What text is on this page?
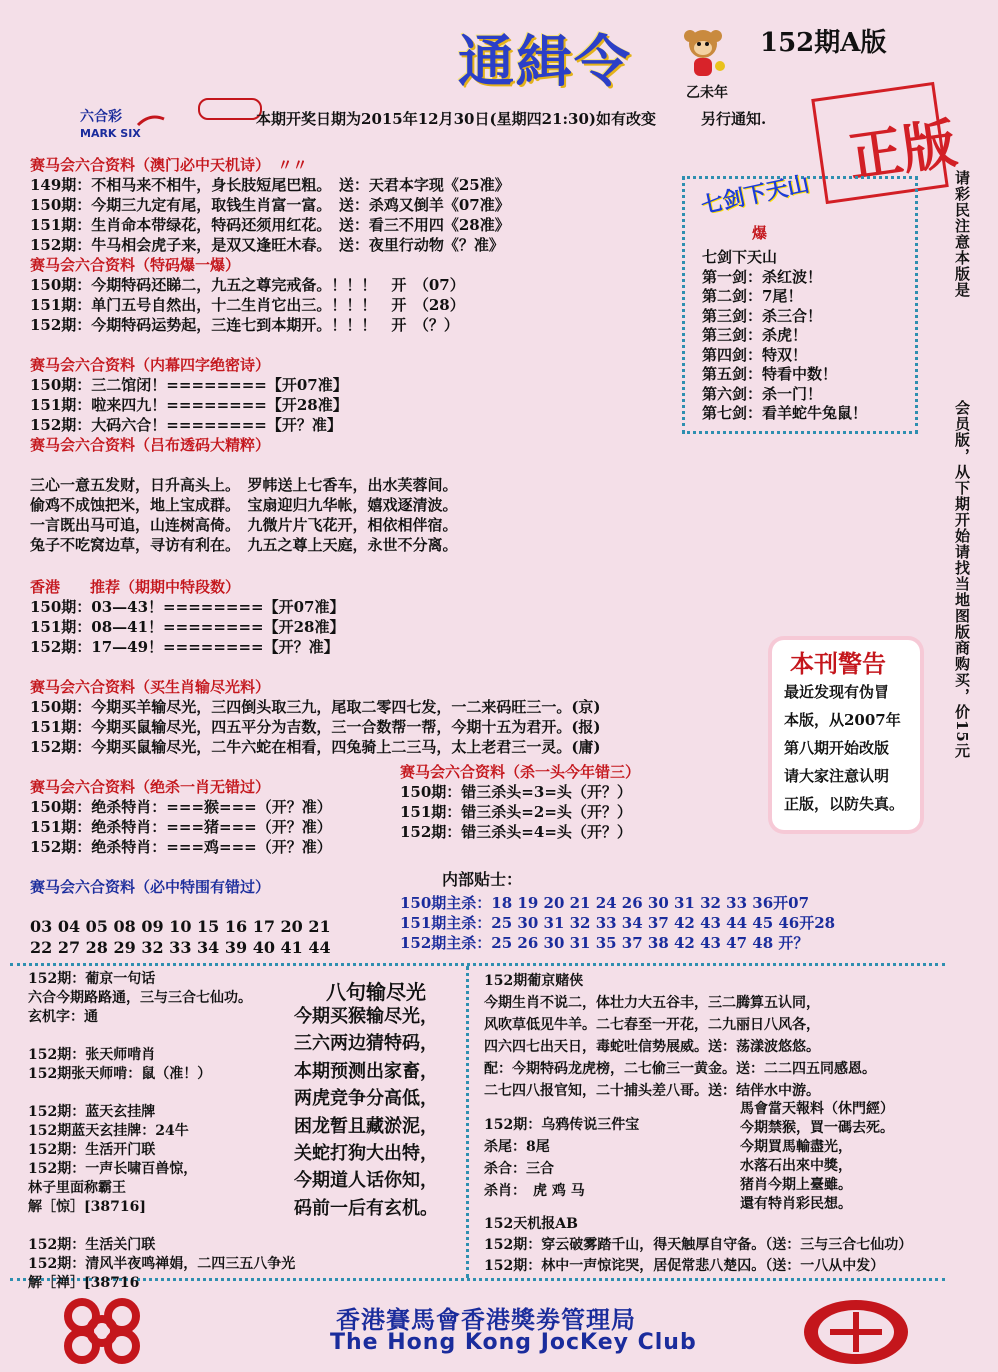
通緝令	乙未年
152期A版
六合彩
MARK SIX
本期开奖日期为2015年12月30日(星期四21:30)如有改变　　　另行通知. 正版
请彩民注意本版是
会员版，从下期开始请找当地图版商购买，价15元
赛马会六合资料（澳门必中天机诗）　〃〃
149期：不相马来不相牛，身长肢短尾巴粗。　送：天君本字现《25准》
150期：今期三九定有尾，取钱生肖富一富。　送：杀鸡又倒羊《07准》
151期：生肖命本带绿花，特码还须用红花。　送：看三不用四《28准》
152期：牛马相会虎子来，是双又逢旺木春。　送：夜里行动物《？准》
赛马会六合资料（特码爆一爆）
150期：今期特码还睇二，九五之尊完戒备。！！！　开　（07）
151期：单门五号自然出，十二生肖它出三。！！！　开　（28）
152期：今期特码运势起，三连七到本期开。！！！　开　（？）
赛马会六合资料（内幕四字绝密诗）
150期：三二馆闭！========【开07准】
151期：啦来四九！========【开28准】
152期：大码六合！========【开？准】
赛马会六合资料（吕布透码大精粹）
三心一意五发财，日升高头上。　罗帏送上七香车，出水芙蓉间。
偷鸡不成蚀把米，地上宝成群。　宝扇迎归九华帐，嬉戏逐清波。
一言既出马可追，山连树高倚。　九微片片飞花开，相依相伴宿。
兔子不吃窝边草，寻访有利在。　九五之尊上天庭，永世不分离。
香港　　推荐（期期中特段数）
150期：03—43！========【开07准】
151期：08—41！========【开28准】
152期：17—49！========【开？准】
赛马会六合资料（买生肖输尽光料）
150期：今期买羊输尽光，三四倒头取三九，尾取二零四七发，一二来码旺三一。(京)
151期：今期买鼠输尽光，四五平分为吉数，三一合数帮一帮，今期十五为君开。(报)
152期：今期买鼠输尽光，二牛六蛇在相看，四兔骑上二三马，太上老君三一灵。(庸)
赛马会六合资料（绝杀一肖无错过）
150期：绝杀特肖：===猴===（开？准）
151期：绝杀特肖：===猪===（开？准）
152期：绝杀特肖：===鸡===（开？准）
赛马会六合资料（杀一头今年错三）
150期：错三杀头=3=头（开？）
151期：错三杀头=2=头（开？）
152期：错三杀头=4=头（开？）
赛马会六合资料（必中特围有错过）
03 04 05 08 09 10 15 16 17 20 21
22 27 28 29 32 33 34 39 40 41 44
内部贴士：
150期主杀：18 19 20 21 24 26 30 31 32 33 36开07
151期主杀：25 30 31 32 33 34 37 42 43 44 45 46开28
152期主杀：25 26 30 31 35 37 38 42 43 47 48 开？
七剑下天山
爆
七剑下天山
第一剑：杀红波！
第二剑：7尾！
第三剑：杀三合！
第三剑：杀虎！
第四剑：特双！
第五剑：特看中数！
第六剑：杀一门！
第七剑：看羊蛇牛兔鼠！
本刊警告
最近发现有伪冒
本版，从2007年
第八期开始改版
请大家注意认明
正版，以防失真。
152期：葡京一句话
六合今期路路通，三与三合七仙功。
玄机字：通
152期：张天师啃肖
152期张天师啃：鼠（准！）
152期：蓝天玄挂牌
152期蓝天玄挂牌：24牛
152期：生活开门联
152期：一声长啸百兽惊，
林子里面称霸王
解［惊］[38716]
152期：生活关门联
152期：清风半夜鸣禅娟，二四三五八争光
解［禅］[38716
八句输尽光
今期买猴输尽光，
三六两边猜特码，
本期预测出家畜，
两虎竞争分高低，
困龙暂且藏淤泥，
关蛇打狗大出特，
今期道人话你知，
码前一后有玄机。
152期葡京赌侠
今期生肖不说二，体壮力大五谷丰，三二腾算五认同，
风吹草低见牛羊。二七春至一开花，二九丽日八风各，
四六四七出天日，毒蛇吐信势展威。送：荡漾波悠悠。
配：今期特码龙虎榜，二七偷三一黄金。送：二二四五同感恩。
二七四八报官知，二十捕头差八哥。送：结伴水中游。
152期：乌鸦传说三件宝
杀尾：8尾
杀合：三合
杀肖：　虎 鸡 马
馬會當天報料（休門經）
今期禁猴，買一碼去死。
今期買馬輸盡光，
水落石出來中獎，
猪肖今期上臺雖。
還有特肖彩民想。
152天机报AB
152期：穿云破雾踏千山，得天触厚自守备。（送：三与三合七仙功）
152期：林中一声惊诧哭，居促常悲八楚囚。（送：一八从中发）
香港賽馬會香港獎劵管理局
The Hong Kong JocKey Club
